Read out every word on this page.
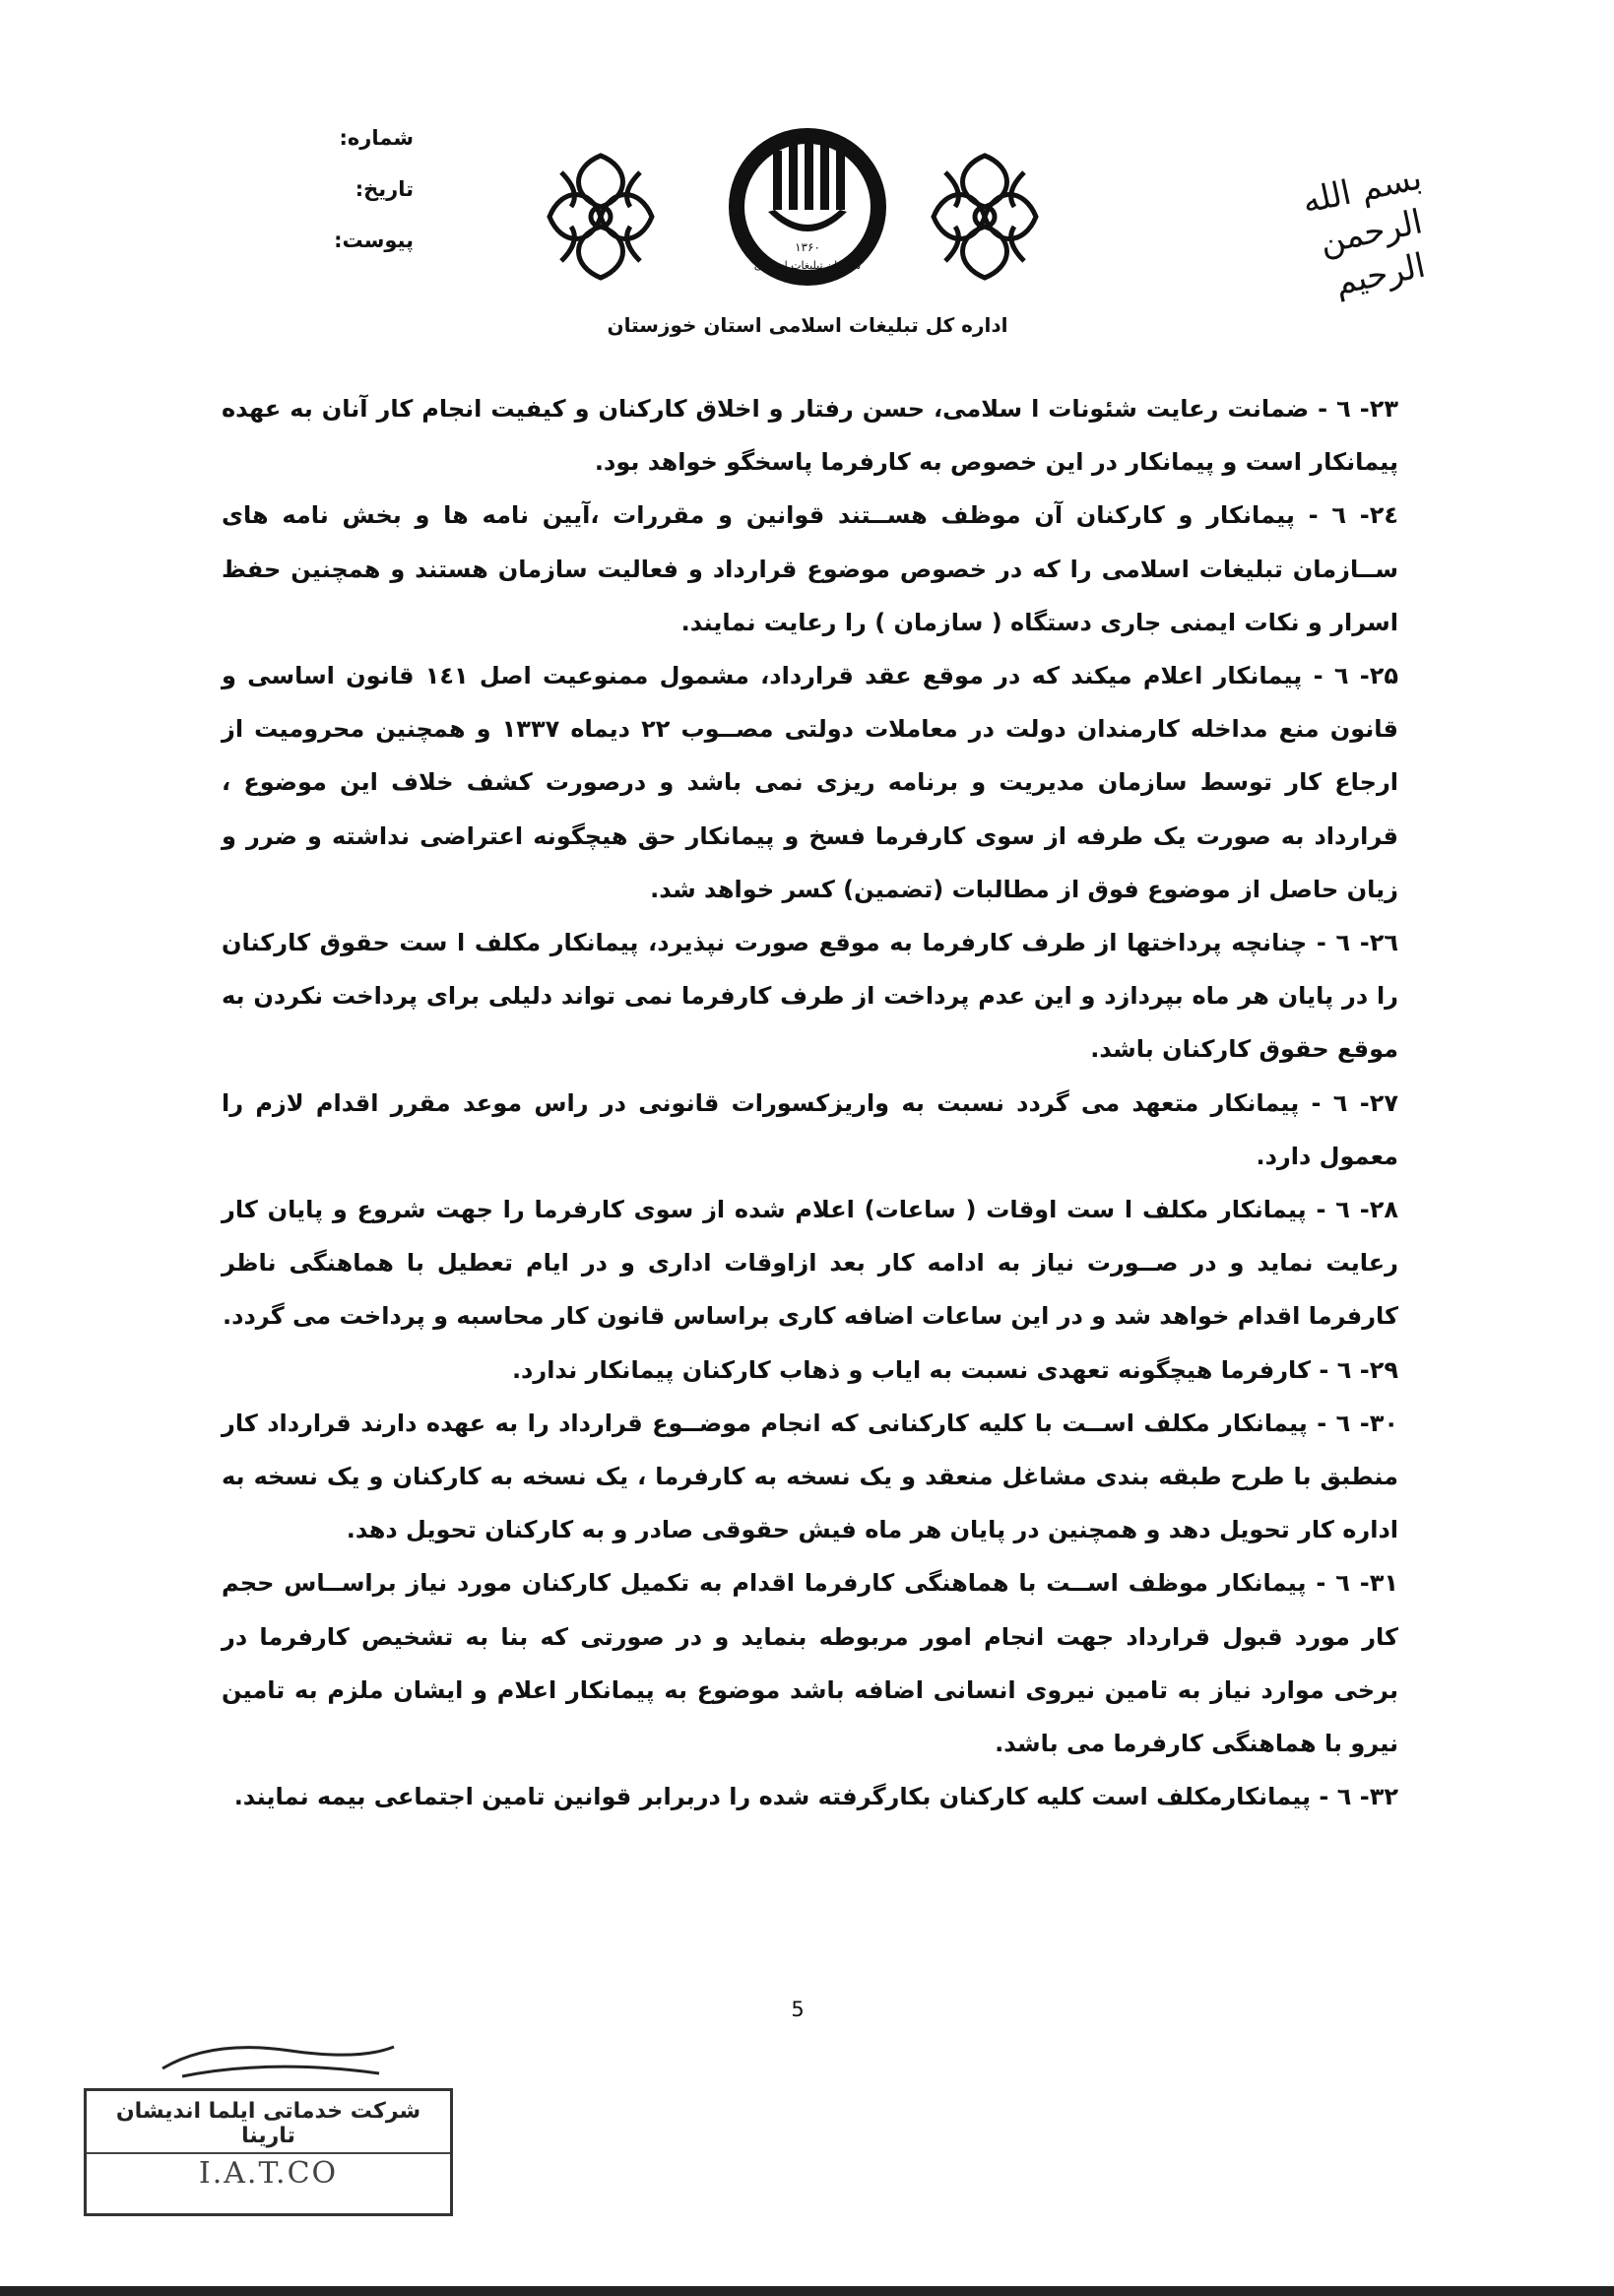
بسم الله الرحمن الرحیم
۱۳۶۰
سازمان تبلیغات اسلامی
اداره کل تبلیغات اسلامی استان خوزستان
شماره:
تاریخ:
پیوست:

۲۳- ٦ - ضمانت رعایت شئونات ا سلامی، حسن رفتار و اخلاق کارکنان و کیفیت انجام کار آنان به عهده پیمانکار است و پیمانکار در این خصوص به کارفرما پاسخگو خواهد بود.

۲٤- ٦ - پیمانکار و کارکنان آن موظف هســتند قوانین و مقررات ،آیین نامه ها و بخش نامه های ســازمان تبلیغات اسلامی را که در خصوص موضوع قرارداد و فعالیت سازمان هستند و همچنین حفظ اسرار و نکات ایمنی جاری دستگاه ( سازمان ) را رعایت نمایند.

۲۵- ٦ - پیمانکار اعلام میکند که در موقع عقد قرارداد، مشمول ممنوعیت اصل ۱٤۱ قانون اساسی و قانون منع مداخله کارمندان دولت در معاملات دولتی مصــوب ۲۲ دیماه ۱۳۳۷ و همچنین محرومیت از ارجاع کار توسط سازمان مدیریت و برنامه ریزی نمی باشد و درصورت کشف خلاف این موضوع ، قرارداد به صورت یک طرفه از سوی کارفرما فسخ و پیمانکار حق هیچگونه اعتراضی نداشته و ضرر و زیان حاصل از موضوع فوق از مطالبات (تضمین) کسر خواهد شد.

۲٦- ٦ - چنانچه پرداختها از طرف کارفرما به موقع صورت نپذیرد، پیمانکار مکلف ا ست حقوق کارکنان را در پایان هر ماه بپردازد و این عدم پرداخت از طرف کارفرما نمی تواند دلیلی برای پرداخت نکردن به موقع حقوق کارکنان باشد.

۲۷- ٦ - پیمانکار متعهد می گردد نسبت به واریزکسورات قانونی در راس موعد مقرر اقدام لازم را معمول دارد.

۲۸- ٦ - پیمانکار مکلف ا ست اوقات ( ساعات) اعلام شده از سوی کارفرما را جهت شروع و پایان کار رعایت نماید و در صــورت نیاز به ادامه کار بعد ازاوقات اداری و در ایام تعطیل با هماهنگی ناظر کارفرما اقدام خواهد شد و در این ساعات اضافه کاری براساس قانون کار محاسبه و پرداخت می گردد.

۲۹- ٦ - کارفرما هیچگونه تعهدی نسبت به ایاب و ذهاب کارکنان پیمانکار ندارد.

۳۰- ٦ - پیمانکار مکلف اســت با کلیه کارکنانی که انجام موضــوع قرارداد را به عهده دارند قرارداد کار منطبق با طرح طبقه بندی مشاغل منعقد و یک نسخه به کارفرما ، یک نسخه به کارکنان و یک نسخه به اداره کار تحویل دهد و همچنین در پایان هر ماه فیش حقوقی صادر و به کارکنان تحویل دهد.

۳۱- ٦ - پیمانکار موظف اســت با هماهنگی کارفرما اقدام به تکمیل کارکنان مورد نیاز براســاس حجم کار مورد قبول قرارداد جهت انجام امور مربوطه بنماید و در صورتی که بنا به تشخیص کارفرما در برخی موارد نیاز به تامین نیروی انسانی اضافه باشد موضوع به پیمانکار اعلام و ایشان ملزم به تامین نیرو با هماهنگی کارفرما می باشد.

۳۲- ٦ - پیمانکارمکلف است کلیه کارکنان بکارگرفته شده را دربرابر قوانین تامین اجتماعی بیمه نمایند.

5
شرکت خدماتی ایلما اندیشان تارینا
I.A.T.CO
